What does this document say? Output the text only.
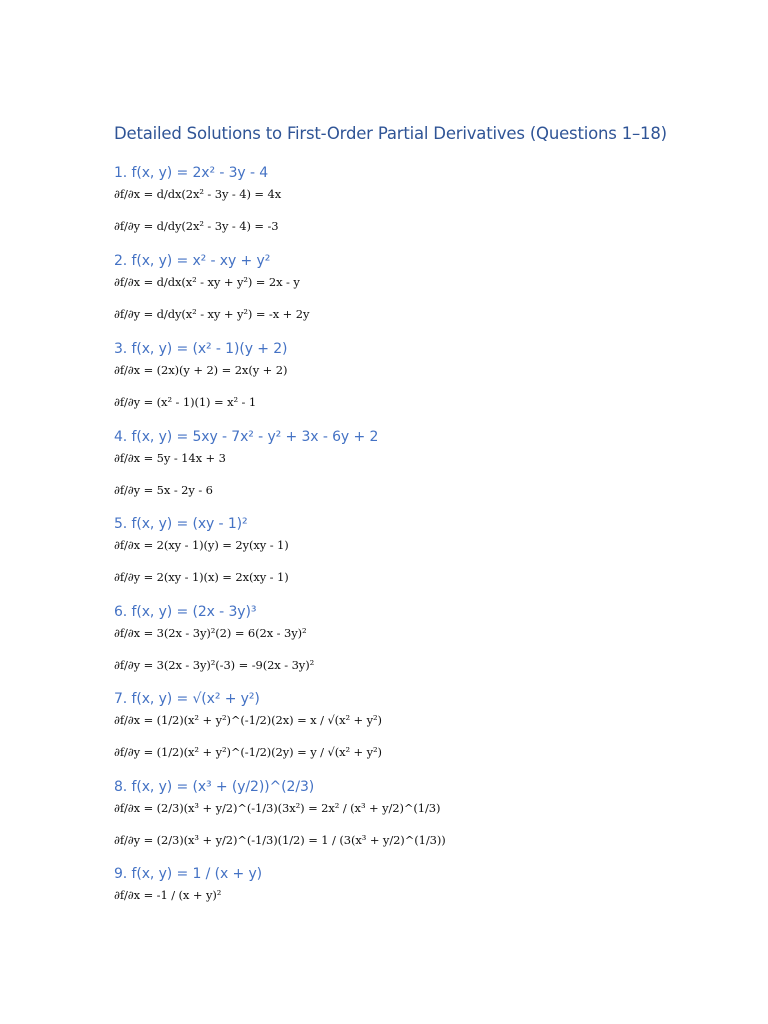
Detailed Solutions to First-Order Partial Derivatives (Questions 1–18)
1. f(x, y) = 2x² - 3y - 4
∂f/∂x = d/dx(2x² - 3y - 4) = 4x
∂f/∂y = d/dy(2x² - 3y - 4) = -3
2. f(x, y) = x² - xy + y²
∂f/∂x = d/dx(x² - xy + y²) = 2x - y
∂f/∂y = d/dy(x² - xy + y²) = -x + 2y
3. f(x, y) = (x² - 1)(y + 2)
∂f/∂x = (2x)(y + 2) = 2x(y + 2)
∂f/∂y = (x² - 1)(1) = x² - 1
4. f(x, y) = 5xy - 7x² - y² + 3x - 6y + 2
∂f/∂x = 5y - 14x + 3
∂f/∂y = 5x - 2y - 6
5. f(x, y) = (xy - 1)²
∂f/∂x = 2(xy - 1)(y) = 2y(xy - 1)
∂f/∂y = 2(xy - 1)(x) = 2x(xy - 1)
6. f(x, y) = (2x - 3y)³
∂f/∂x = 3(2x - 3y)²(2) = 6(2x - 3y)²
∂f/∂y = 3(2x - 3y)²(-3) = -9(2x - 3y)²
7. f(x, y) = √(x² + y²)
∂f/∂x = (1/2)(x² + y²)^(-1/2)(2x) = x / √(x² + y²)
∂f/∂y = (1/2)(x² + y²)^(-1/2)(2y) = y / √(x² + y²)
8. f(x, y) = (x³ + (y/2))^(2/3)
∂f/∂x = (2/3)(x³ + y/2)^(-1/3)(3x²) = 2x² / (x³ + y/2)^(1/3)
∂f/∂y = (2/3)(x³ + y/2)^(-1/3)(1/2) = 1 / (3(x³ + y/2)^(1/3))
9. f(x, y) = 1 / (x + y)
∂f/∂x = -1 / (x + y)²
